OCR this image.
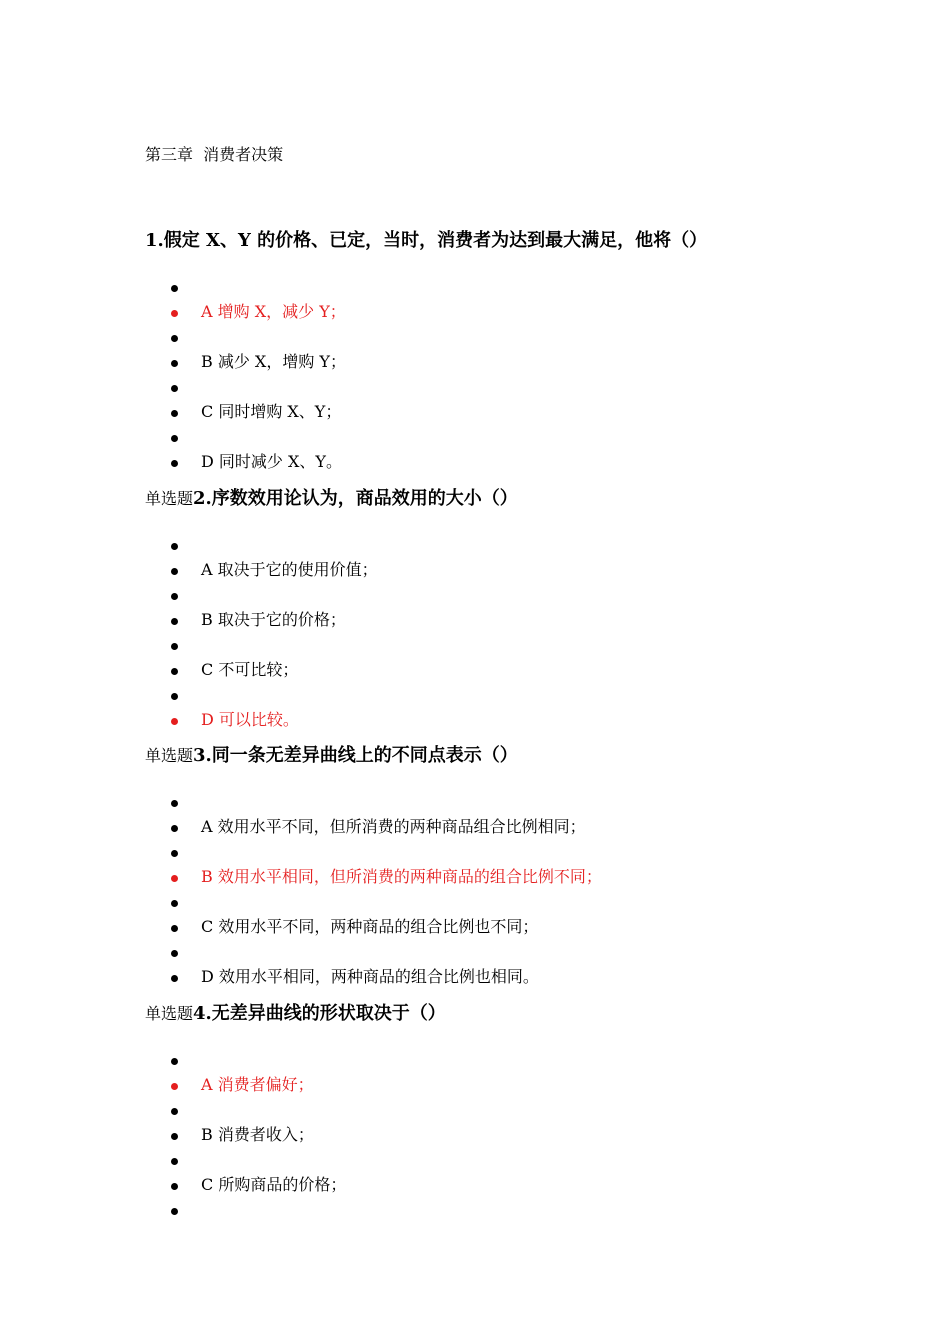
第三章  消费者决策
1.假定 X、Y 的价格、已定，当时，消费者为达到最大满足，他将（）
A 增购 X，减少 Y；
B 减少 X，增购 Y；
C 同时增购 X、Y；
D 同时减少 X、Y。
单选题2.序数效用论认为，商品效用的大小（）
A 取决于它的使用价值；
B 取决于它的价格；
C 不可比较；
D 可以比较。
单选题3.同一条无差异曲线上的不同点表示（）
A 效用水平不同，但所消费的两种商品组合比例相同；
B 效用水平相同，但所消费的两种商品的组合比例不同；
C 效用水平不同，两种商品的组合比例也不同；
D 效用水平相同，两种商品的组合比例也相同。
单选题4.无差异曲线的形状取决于（）
A 消费者偏好；
B 消费者收入；
C 所购商品的价格；
